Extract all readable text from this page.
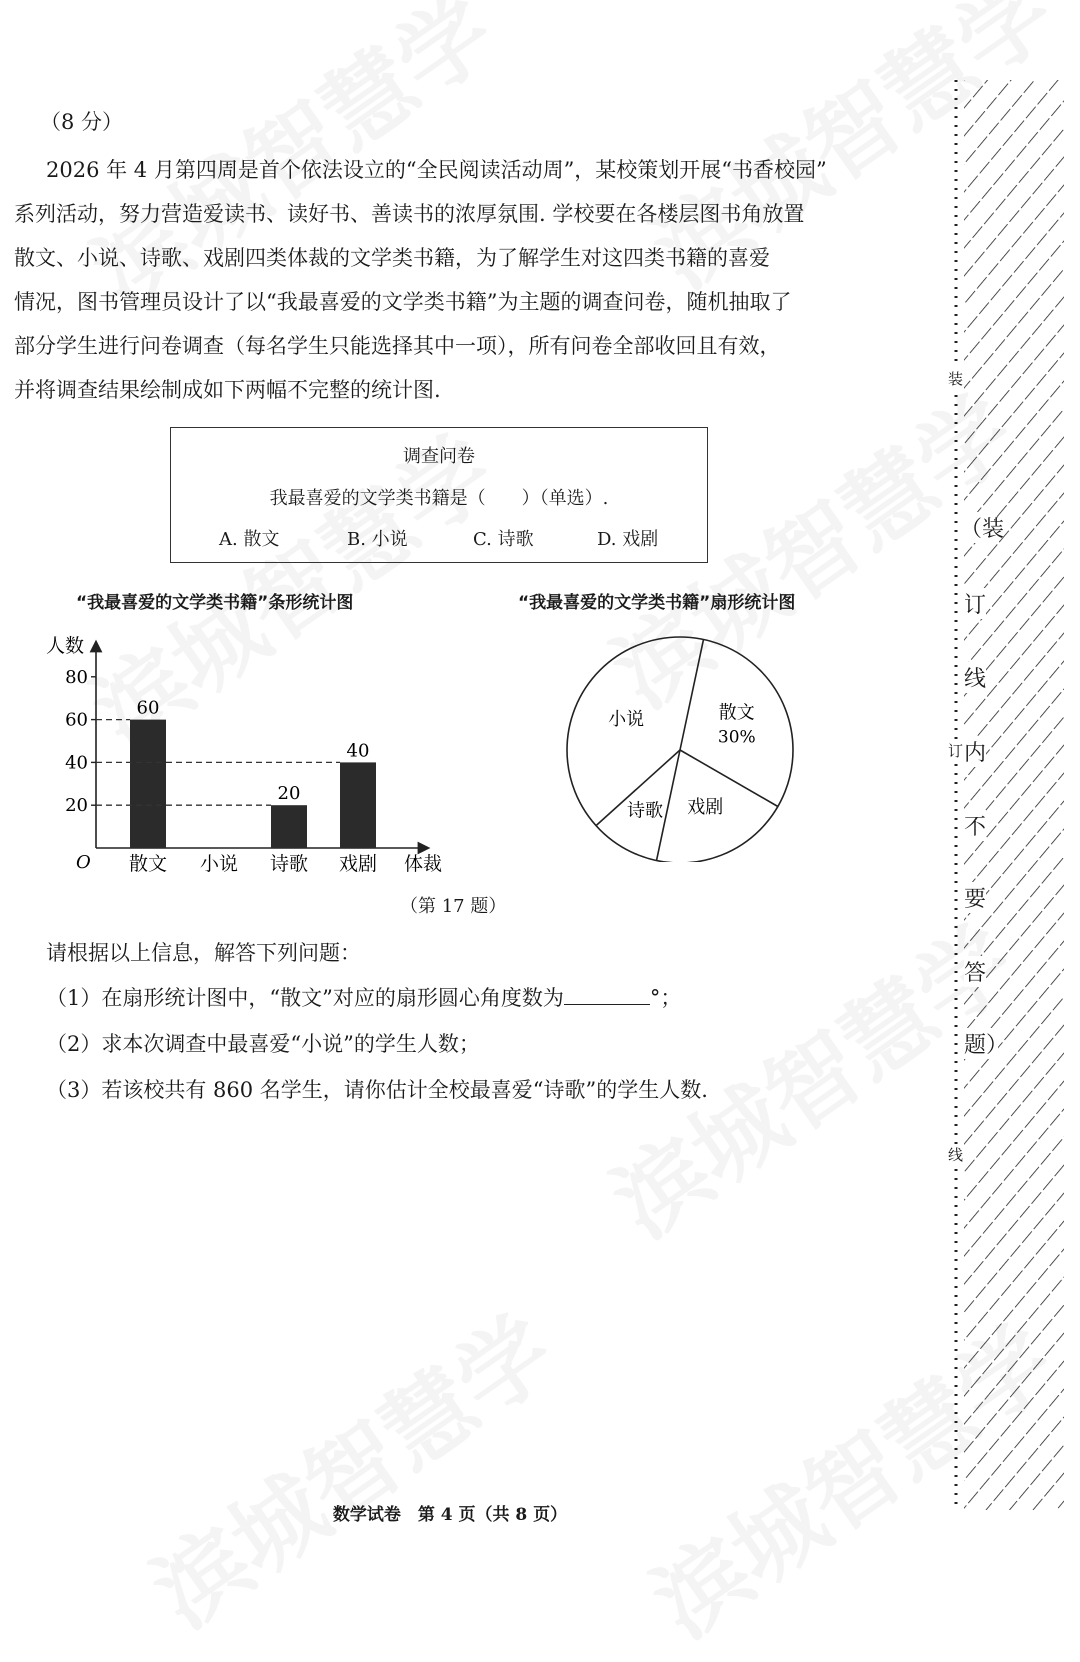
（8 分）

2026 年 4 月第四周是首个依法设立的“全民阅读活动周”，某校策划开展“书香校园”

系列活动，努力营造爱读书、读好书、善读书的浓厚氛围. 学校要在各楼层图书角放置

散文、小说、诗歌、戏剧四类体裁的文学类书籍，为了解学生对这四类书籍的喜爱

情况，图书管理员设计了以“我最喜爱的文学类书籍”为主题的调查问卷，随机抽取了

部分学生进行问卷调查（每名学生只能选择其中一项），所有问卷全部收回且有效，

并将调查结果绘制成如下两幅不完整的统计图.

调查问卷
我最喜爱的文学类书籍是（　　）（单选）.
A. 散文	B. 小说	C. 诗歌	D. 戏剧
“我最喜爱的文学类书籍”条形统计图	“我最喜爱的文学类书籍”扇形统计图
人数
体裁
O
20
40
60
80
60
散文 小说
20
诗歌
40
戏剧
散文
30%
戏剧
诗歌
小说
（第 17 题）
请根据以上信息，解答下列问题：
（1）在扇形统计图中，“散文”对应的扇形圆心角度数为	°；
（2）求本次调查中最喜爱“小说”的学生人数；
（3）若该校共有 860 名学生，请你估计全校最喜爱“诗歌”的学生人数.
数学试卷　第 4 页（共 8 页）
装
（装
订
线
订 内
不
要
答
题）
线
